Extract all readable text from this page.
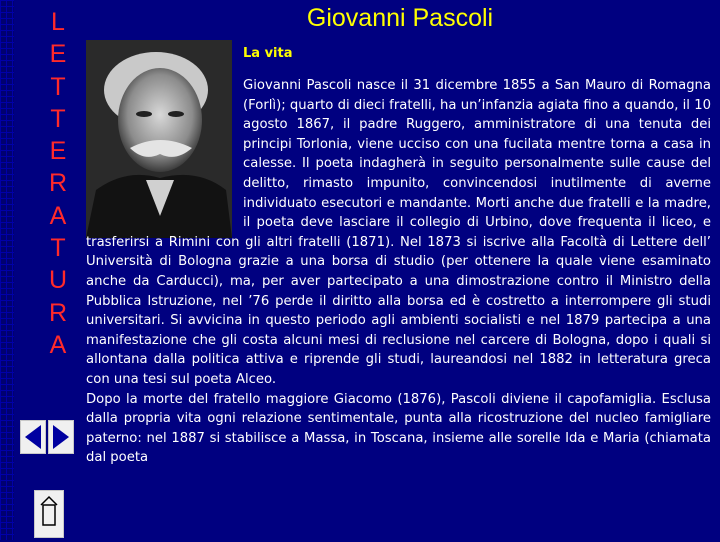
L
E
T
T
E
R
A
T
U
R
A
Giovanni Pascoli
La vita

Giovanni Pascoli nasce il 31 dicembre 1855 a San Mauro di Romagna (Forlì); quarto di dieci fratelli, ha un’infanzia agiata fino a quando, il 10 agosto 1867, il padre Ruggero, amministratore di una tenuta dei principi Torlonia, viene ucciso con una fucilata mentre torna a casa in calesse. Il poeta indagherà in seguito personalmente sulle cause del delitto, rimasto impunito, convincendosi inutilmente di averne individuato esecutori e mandante. Morti anche due fratelli e la madre, il poeta deve lasciare il collegio di Urbino, dove frequenta il liceo, e trasferirsi a Rimini con gli altri fratelli (1871). Nel 1873 si iscrive alla Facoltà di Lettere dell’ Università di Bologna grazie a una borsa di studio (per ottenere la quale viene esaminato anche da Carducci), ma, per aver partecipato a una dimostrazione contro il Ministro della Pubblica Istruzione, nel ’76 perde il diritto alla borsa ed è costretto a interrompere gli studi universitari. Si avvicina in questo periodo agli ambienti socialisti e nel 1879 partecipa a una manifestazione che gli costa alcuni mesi di reclusione nel carcere di Bologna, dopo i quali si allontana dalla politica attiva e riprende gli studi, laureandosi nel 1882 in letteratura greca con una tesi sul poeta Alceo.

Dopo la morte del fratello maggiore Giacomo (1876), Pascoli diviene il capofamiglia. Esclusa dalla propria vita ogni relazione sentimentale, punta alla ricostruzione del nucleo famigliare paterno: nel 1887 si stabilisce a Massa, in Toscana, insieme alle sorelle Ida e Maria (chiamata dal poeta
